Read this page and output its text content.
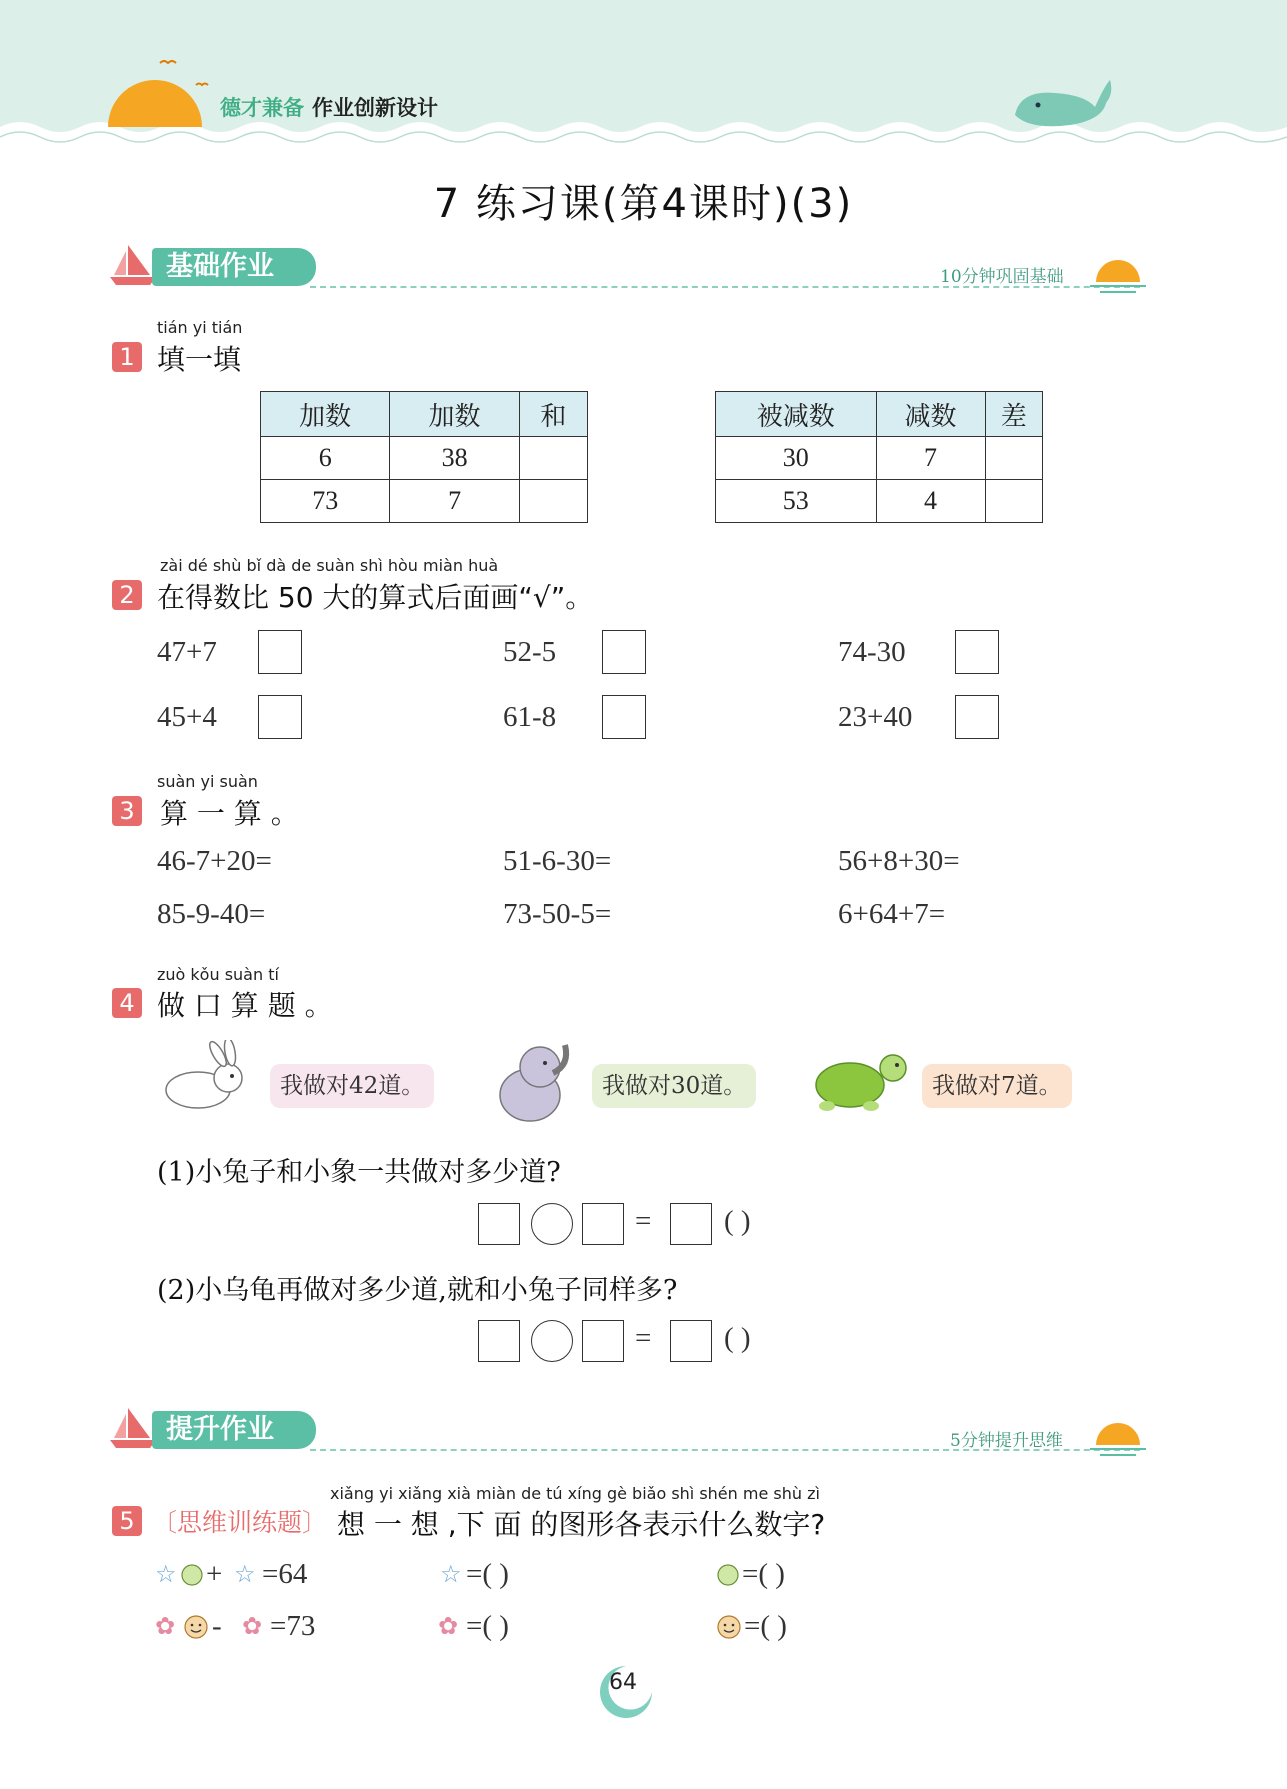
德才兼备 作业创新设计
7 练习课(第4课时)(3)
基础作业	10分钟巩固基础
tián yi tián
1 填一填
加数	加数	和
6	38	
73	7	
被减数	减数	差
30	7	
53	4	
zài dé shù bǐ dà de suàn shì hòu miàn huà
2 在得数比 50 大的算式后面画“√”。
47+7	52-5	74-30
45+4	61-8	23+40
suàn yi suàn
3 算 一 算 。
46-7+20=	51-6-30=	56+8+30=
85-9-40=	73-50-5=	6+64+7=
zuò kǒu suàn tí
4 做 口 算 题 。
我做对42道。	我做对30道。	我做对7道。
(1)小兔子和小象一共做对多少道?
=	( )
(2)小乌龟再做对多少道,就和小兔子同样多?
=	( )
提升作业	5分钟提升思维
xiǎng yi xiǎng xià miàn de tú xíng gè biǎo shì shén me shù zì
5 〔思维训练题〕 想 一 想 ,下 面 的图形各表示什么数字?
☆ + ☆ =64	☆ =( )	=( )
✿ - ✿ =73	✿ =( )	=( )
64
